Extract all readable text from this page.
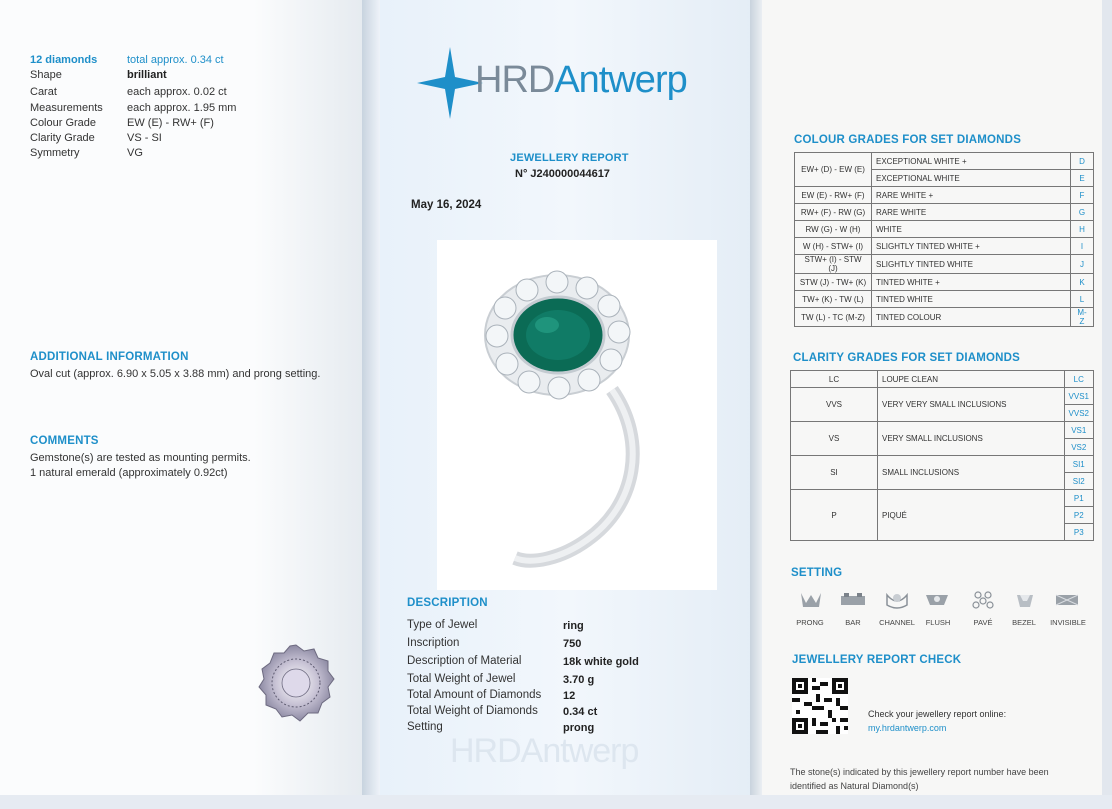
12 diamonds	total approx. 0.34 ct
Shape	brilliant
Carat	each approx. 0.02 ct
Measurements each approx. 1.95 mm
Colour Grade	EW (E) - RW+ (F)
Clarity Grade	VS - SI
Symmetry	VG
ADDITIONAL INFORMATION
Oval cut (approx. 6.90 x 5.05 x 3.88 mm) and prong setting.
COMMENTS
Gemstone(s) are tested as mounting permits.
1 natural emerald (approximately 0.92ct)
HRDAntwerp
JEWELLERY REPORT
N° J240000044617
May 16, 2024
DESCRIPTION
Type of Jewel	ring
Inscription	750
Description of Material	18k white gold
Total Weight of Jewel	3.70 g
Total Amount of Diamonds 12
Total Weight of Diamonds 0.34 ct
Setting	prong
HRDAntwerp
COLOUR GRADES FOR SET DIAMONDS
EW+ (D) - EW (E)	EXCEPTIONAL WHITE +	D
	EXCEPTIONAL WHITE	E
EW (E) - RW+ (F)	RARE WHITE +	F
RW+ (F) - RW (G)	RARE WHITE	G
RW (G) - W (H)	WHITE	H
W (H) - STW+ (I)	SLIGHTLY TINTED WHITE +	I
STW+ (I) - STW (J)	SLIGHTLY TINTED WHITE	J
STW (J) - TW+ (K)	TINTED WHITE +	K
TW+ (K) - TW (L)	TINTED WHITE	L
TW (L) - TC (M-Z)	TINTED COLOUR	M-Z
CLARITY GRADES FOR SET DIAMONDS
LC	LOUPE CLEAN	LC
VVS	VERY VERY SMALL INCLUSIONS	VVS1
		VVS2
VS	VERY SMALL INCLUSIONS	VS1
		VS2
SI	SMALL INCLUSIONS	SI1
		SI2
P	PIQUÉ	P1
		P2
		P3
SETTING
PRONG	BAR	CHANNEL	FLUSH	PAVÉ	BEZEL	INVISIBLE
JEWELLERY REPORT CHECK
Check your jewellery report online:
my.hrdantwerp.com
The stone(s) indicated by this jewellery report number have been
identified as Natural Diamond(s)
